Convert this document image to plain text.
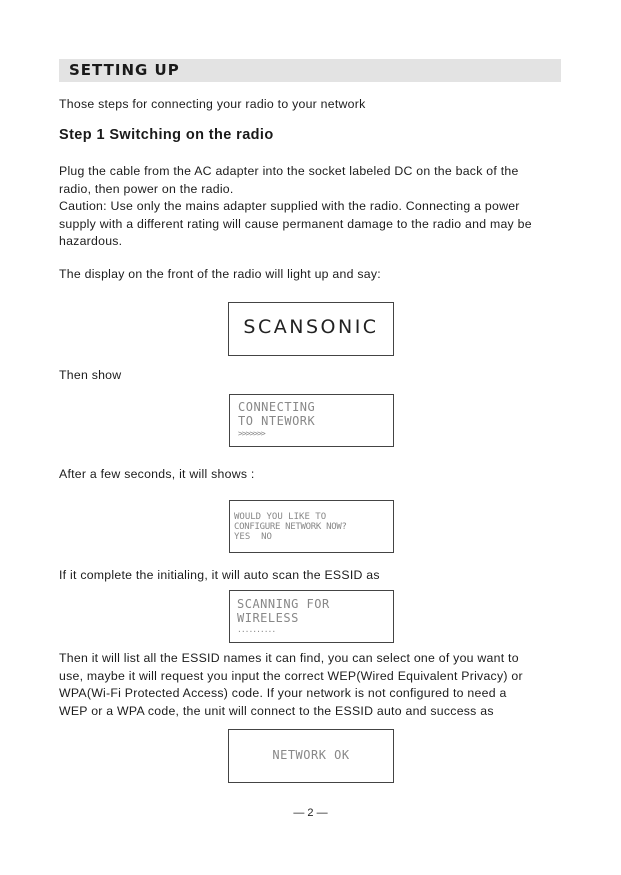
SETTING UP

Those steps for connecting your radio to your network

Step 1 Switching on the radio

Plug the cable from the AC adapter into the socket labeled DC on the back of the

radio, then power on the radio.

Caution: Use only the mains adapter supplied with the radio. Connecting a power

supply with a different rating will cause permanent damage to the radio and may be

hazardous.

The display on the front of the radio will light up and say:

SCANSONIC

Then show

CONNECTING
TO NTEWORK
>>>>>>>

After a few seconds, it will shows :

WOULD YOU LIKE TO
CONFIGURE NETWORK NOW?
YES  NO

If it complete the initialing, it will auto scan the ESSID as

SCANNING FOR
WIRELESS
..........

Then it will list all the ESSID names it can find, you can select one of you want to

use, maybe it will request you input the correct WEP(Wired Equivalent Privacy) or

WPA(Wi-Fi Protected Access) code. If your network is not configured to need a

WEP or a WPA code, the unit will connect to the ESSID auto and success as

NETWORK OK
— 2 —
